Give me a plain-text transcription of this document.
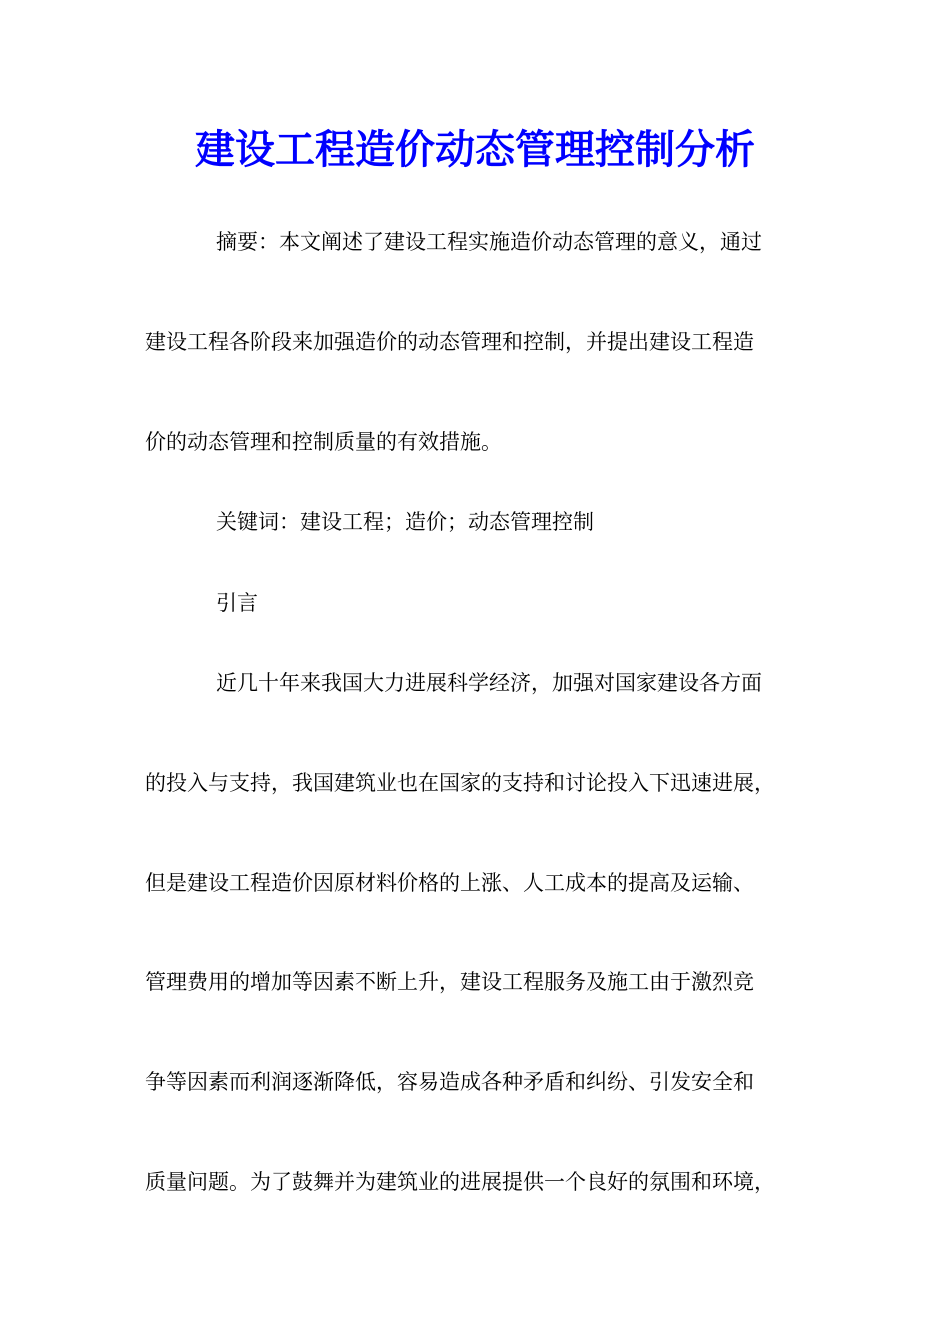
建设工程造价动态管理控制分析

摘要：本文阐述了建设工程实施造价动态管理的意义，通过

建设工程各阶段来加强造价的动态管理和控制，并提出建设工程造

价的动态管理和控制质量的有效措施。

关键词：建设工程；造价；动态管理控制

引言

近几十年来我国大力进展科学经济，加强对国家建设各方面

的投入与支持，我国建筑业也在国家的支持和讨论投入下迅速进展，

但是建设工程造价因原材料价格的上涨、人工成本的提高及运输、

管理费用的增加等因素不断上升，建设工程服务及施工由于激烈竞

争等因素而利润逐渐降低，容易造成各种矛盾和纠纷、引发安全和

质量问题。为了鼓舞并为建筑业的进展提供一个良好的氛围和环境，
